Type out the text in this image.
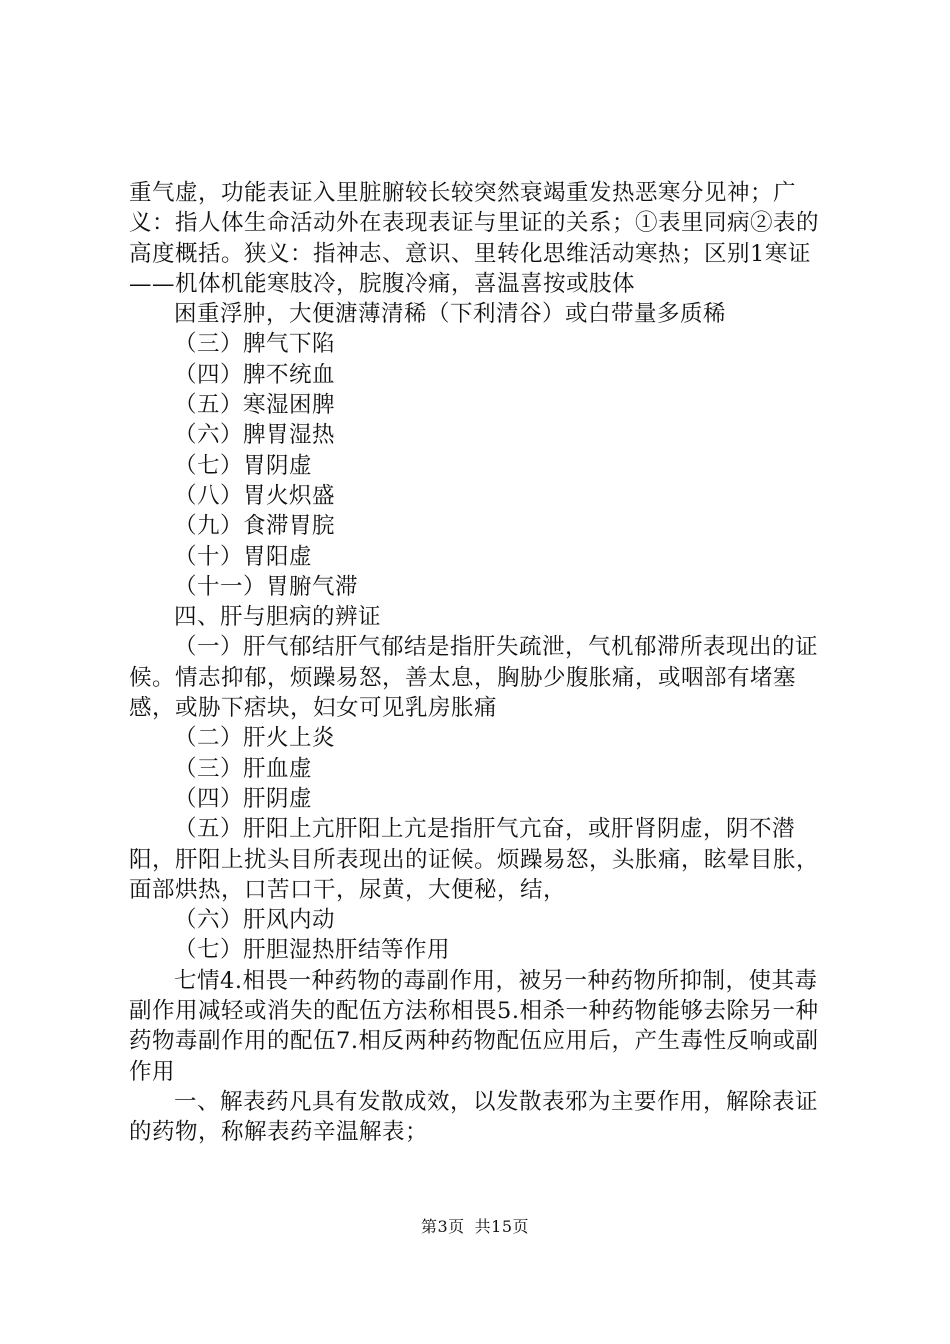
重气虚，功能表证入里脏腑较长较突然衰竭重发热恶寒分见神；广义：指人体生命活动外在表现表证与里证的关系；①表里同病②表的高度概括。狭义：指神志、意识、里转化思维活动寒热；区别1寒证——机体机能寒肢冷，脘腹冷痛，喜温喜按或肢体

困重浮肿，大便溏薄清稀（下利清谷）或白带量多质稀

（三）脾气下陷

（四）脾不统血

（五）寒湿困脾

（六）脾胃湿热

（七）胃阴虚

（八）胃火炽盛

（九）食滞胃脘

（十）胃阳虚

（十一）胃腑气滞

四、肝与胆病的辨证

（一）肝气郁结肝气郁结是指肝失疏泄，气机郁滞所表现出的证候。情志抑郁，烦躁易怒，善太息，胸胁少腹胀痛，或咽部有堵塞感，或胁下痞块，妇女可见乳房胀痛

（二）肝火上炎

（三）肝血虚

（四）肝阴虚

（五）肝阳上亢肝阳上亢是指肝气亢奋，或肝肾阴虚，阴不潜阳，肝阳上扰头目所表现出的证候。烦躁易怒，头胀痛，眩晕目胀，面部烘热，口苦口干，尿黄，大便秘，结，

（六）肝风内动

（七）肝胆湿热肝结等作用

七情4.相畏一种药物的毒副作用，被另一种药物所抑制，使其毒副作用减轻或消失的配伍方法称相畏5.相杀一种药物能够去除另一种药物毒副作用的配伍7.相反两种药物配伍应用后，产生毒性反响或副作用

一、解表药凡具有发散成效，以发散表邪为主要作用，解除表证的药物，称解表药辛温解表；

第3页 共15页
